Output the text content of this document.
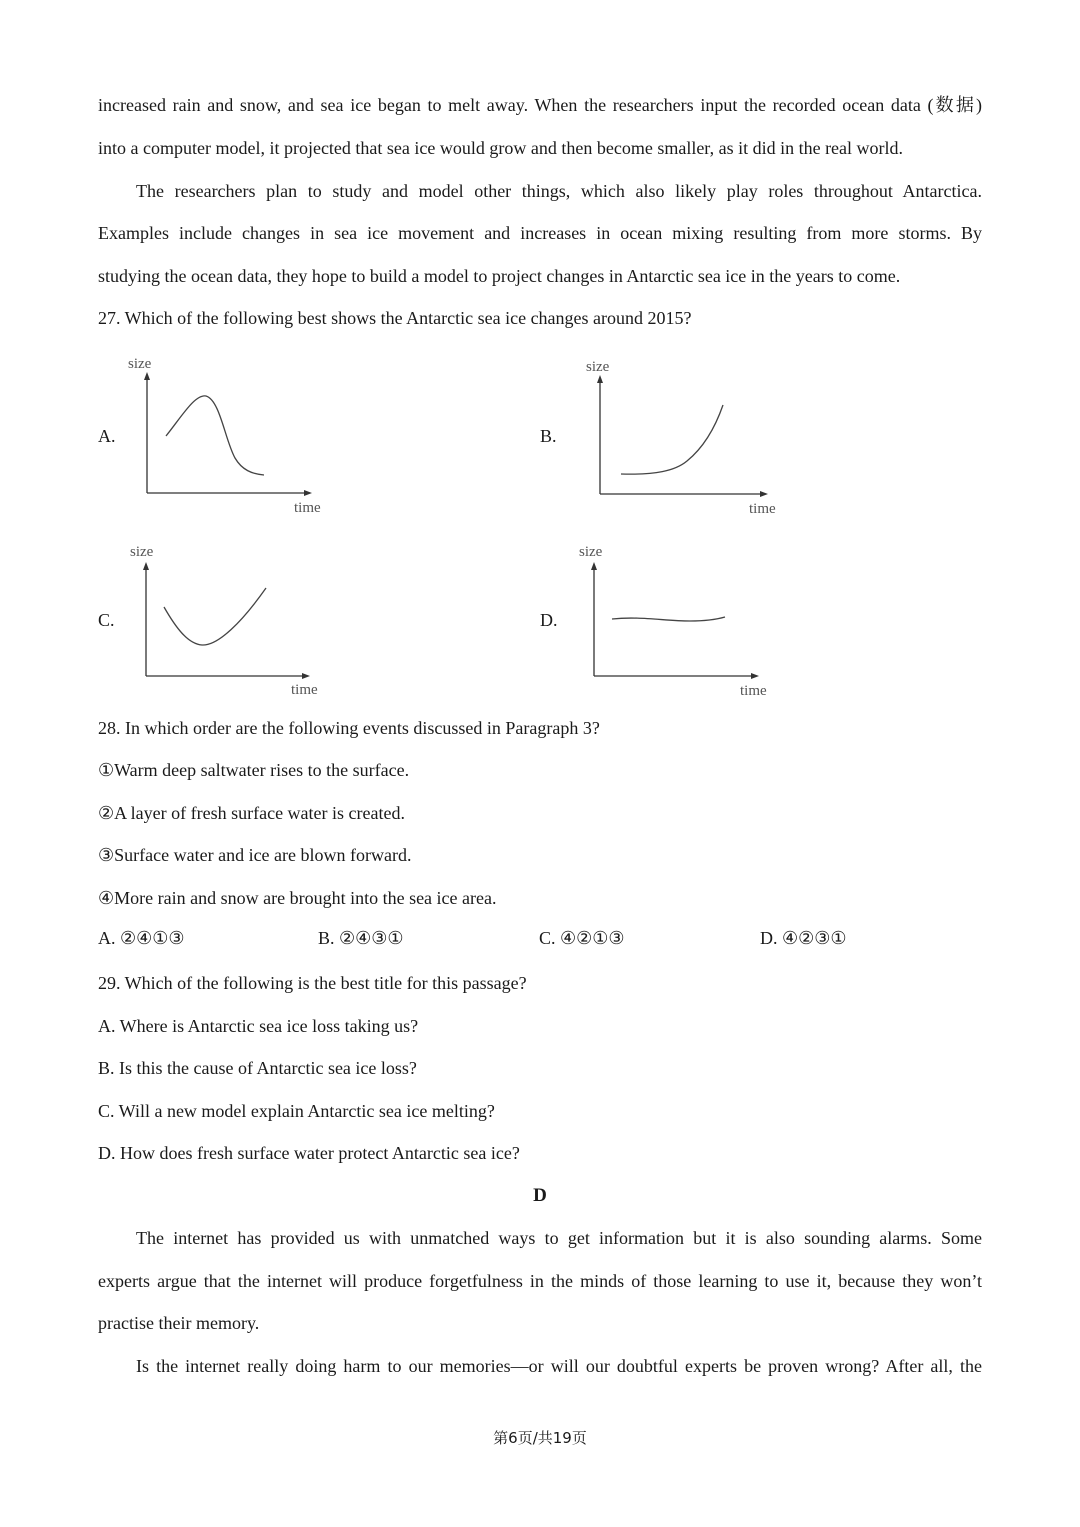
increased rain and snow, and sea ice began to melt away. When the researchers input the recorded ocean data (数据)
into a computer model, it projected that sea ice would grow and then become smaller, as it did in the real world.
The researchers plan to study and model other things, which also likely play roles throughout Antarctica.
Examples include changes in sea ice movement and increases in ocean mixing resulting from more storms. By
studying the ocean data, they hope to build a model to project changes in Antarctic sea ice in the years to come.
27. Which of the following best shows the Antarctic sea ice changes around 2015?
A.
size
time
B.
size
time
C.
size
time
D.
size
time
28. In which order are the following events discussed in Paragraph 3?
①Warm deep saltwater rises to the surface.
②A layer of fresh surface water is created.
③Surface water and ice are blown forward.
④More rain and snow are brought into the sea ice area.
A. ②④①③	B. ②④③①	C. ④②①③	D. ④②③①
29. Which of the following is the best title for this passage?
A. Where is Antarctic sea ice loss taking us?
B. Is this the cause of Antarctic sea ice loss?
C. Will a new model explain Antarctic sea ice melting?
D. How does fresh surface water protect Antarctic sea ice?
D
The internet has provided us with unmatched ways to get information but it is also sounding alarms. Some
experts argue that the internet will produce forgetfulness in the minds of those learning to use it, because they won’t
practise their memory.
Is the internet really doing harm to our memories—or will our doubtful experts be proven wrong? After all, the
第6页/共19页
